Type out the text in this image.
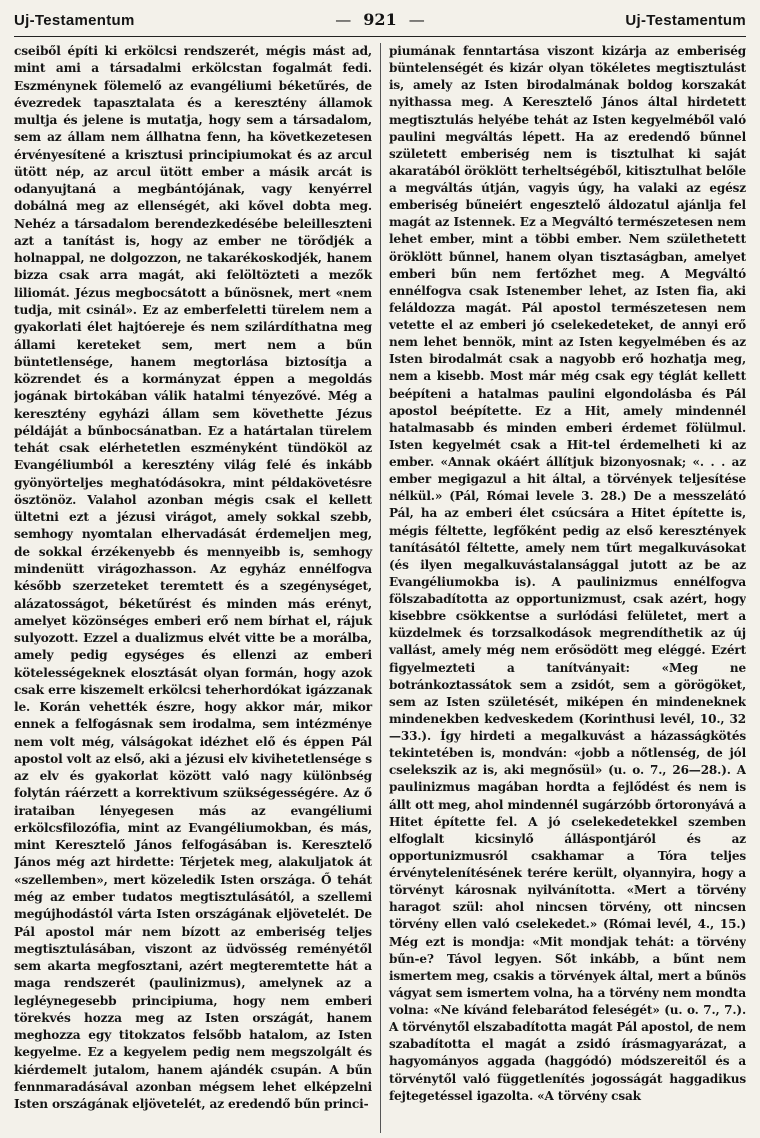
Uj-Testamentum
—	921 —	Uj-Testamentum

cseiből építi ki erkölcsi rendszerét, mégis mást ad, mint ami a társadalmi erkölcstan fogalmát fedi. Eszménynek fölemelő az evangéliumi béketűrés, de évezredek tapasztalata és a keresztény államok multja és jelene is mutatja, hogy sem a társadalom, sem az állam nem állhatna fenn, ha következetesen érvényesítené a krisztusi principiumokat és az arcul ütött nép, az arcul ütött ember a másik arcát is odanyujtaná a megbántójának, vagy kenyérrel dobálná meg az ellenségét, aki kővel dobta meg. Nehéz a társadalom berendezkedésébe beleilleszteni azt a tanítást is, hogy az ember ne törődjék a holnappal, ne dolgozzon, ne takarékoskodjék, hanem bizza csak arra magát, aki felöltözteti a mezők liliomát. Jézus megbocsátott a bűnösnek, mert «nem tudja, mit csinál». Ez az emberfeletti türelem nem a gyakorlati élet hajtóereje és nem szilárdíthatna meg állami kereteket sem, mert nem a bűn büntetlensége, hanem megtorlása biztosítja a közrendet és a kormányzat éppen a megoldás jogának birtokában válik hatalmi tényezővé. Még a keresztény egyházi állam sem követhette Jézus példáját a bűnbocsánatban. Ez a határtalan türelem tehát csak elérhetetlen eszményként tündököl az Evangéliumból a keresztény világ felé és inkább gyönyörteljes meghatódásokra, mint példakövetésre ösztönöz. Valahol azonban mégis csak el kellett ültetni ezt a jézusi virágot, amely sokkal szebb, semhogy nyomtalan elhervadását érdemeljen meg, de sokkal érzékenyebb és mennyeibb is, semhogy mindenütt virágozhasson. Az egyház ennélfogva később szerzeteket teremtett és a szegénységet, alázatosságot, béketűrést és minden más erényt, amelyet közönséges emberi erő nem bírhat el, rájuk sulyozott. Ezzel a dualizmus elvét vitte be a morálba, amely pedig egységes és ellenzi az emberi kötelességeknek elosztását olyan formán, hogy azok csak erre kiszemelt erkölcsi teherhordókat igázzanak le. Korán vehették észre, hogy akkor már, mikor ennek a felfogásnak sem irodalma, sem intézménye nem volt még, válságokat idézhet elő és éppen Pál apostol volt az első, aki a jézusi elv kivihetetlensége s az elv és gyakorlat között való nagy különbség folytán ráérzett a korrektivum szükségességére. Az ő irataiban lényegesen más az evangéliumi erkölcsfilozófia, mint az Evangéliumokban, és más, mint Keresztelő János felfogásában is. Keresztelő János még azt hirdette: Térjetek meg, alakuljatok át «szellemben», mert közeledik Isten országa. Ő tehát még az ember tudatos megtisztulásától, a szellemi megújhodástól várta Isten országának eljövetelét. De Pál apostol már nem bízott az emberiség teljes megtisztulásában, viszont az üdvösség reményétől sem akarta megfosztani, azért megteremtette hát a maga rendszerét (paulinizmus), amelynek az a legléynegesebb principiuma, hogy nem emberi törekvés hozza meg az Isten országát, hanem meghozza egy titokzatos felsőbb hatalom, az Isten kegyelme. Ez a kegyelem pedig nem megszolgált és kiérdemelt jutalom, hanem ajándék csupán. A bűn fennmaradásával azonban mégsem lehet elképzelni Isten országának eljövetelét, az eredendő bűn princi-

piumának fenntartása viszont kizárja az emberiség büntelenségét és kizár olyan tökéletes megtisztulást is, amely az Isten birodalmának boldog korszakát nyithassa meg. A Keresztelő János által hirdetett megtisztulás helyébe tehát az Isten kegyelméből való paulini megváltás lépett. Ha az eredendő bűnnel született emberiség nem is tisztulhat ki saját akaratából öröklött terheltségéből, kitisztulhat belőle a megváltás útján, vagyis úgy, ha valaki az egész emberiség bűneiért engesztelő áldozatul ajánlja fel magát az Istennek. Ez a Megváltó természetesen nem lehet ember, mint a többi ember. Nem születhetett öröklött bűnnel, hanem olyan tisztaságban, amelyet emberi bűn nem fertőzhet meg. A Megváltó ennélfogva csak Istenember lehet, az Isten fia, aki feláldozza magát. Pál apostol természetesen nem vetette el az emberi jó cselekedeteket, de annyi erő nem lehet bennök, mint az Isten kegyelmében és az Isten birodalmát csak a nagyobb erő hozhatja meg, nem a kisebb. Most már még csak egy téglát kellett beépíteni a hatalmas paulini elgondolásba és Pál apostol beépítette. Ez a Hit, amely mindennél hatalmasabb és minden emberi érdemet fölülmul. Isten kegyelmét csak a Hit-tel érdemelheti ki az ember. «Annak okáért állítjuk bizonyosnak; «. . . az ember megigazul a hit által, a törvények teljesítése nélkül.» (Pál, Római levele 3. 28.) De a messzelátó Pál, ha az emberi élet csúcsára a Hitet építette is, mégis féltette, legfőként pedig az első keresztények tanításától féltette, amely nem tűrt megalkuvásokat (és ilyen megalkuvástalansággal jutott az be az Evangéliumokba is). A paulinizmus ennélfogva fölszabadította az opportunizmust, csak azért, hogy kisebbre csökkentse a surlódási felületet, mert a küzdelmek és torzsalkodások megrendíthetik az új vallást, amely még nem erősödött meg eléggé. Ezért figyelmezteti a tanítványait: «Meg ne botránkoztassátok sem a zsidót, sem a görögöket, sem az Isten születését, miképen én mindeneknek mindenekben kedveskedem (Korinthusi levél, 10., 32—33.). Így hirdeti a megalkuvást a házasságkötés tekintetében is, mondván: «jobb a nőtlenség, de jól cselekszik az is, aki megnősül» (u. o. 7., 26—28.). A paulinizmus magában hordta a fejlődést és nem is állt ott meg, ahol mindennél sugárzóbb őrtoronyává a Hitet építette fel. A jó cselekedetekkel szemben elfoglalt kicsinylő álláspontjáról és az opportunizmusról csakhamar a Tóra teljes érvénytelenítésének terére került, olyannyira, hogy a törvényt károsnak nyilvánította. «Mert a törvény haragot szül: ahol nincsen törvény, ott nincsen törvény ellen való cselekedet.» (Római levél, 4., 15.) Még ezt is mondja: «Mit mondjak tehát: a törvény bűn-e? Távol legyen. Sőt inkább, a bűnt nem ismertem meg, csakis a törvények által, mert a bűnös vágyat sem ismertem volna, ha a törvény nem mondta volna: «Ne kívánd felebarátod feleségét» (u. o. 7., 7.). A törvénytől elszabadította magát Pál apostol, de nem szabadította el magát a zsidó írásmagyarázat, a hagyományos aggada (haggódó) módszereitől és a törvénytől való függetlenítés jogosságát haggadikus fejtegetéssel igazolta. «A törvény csak
